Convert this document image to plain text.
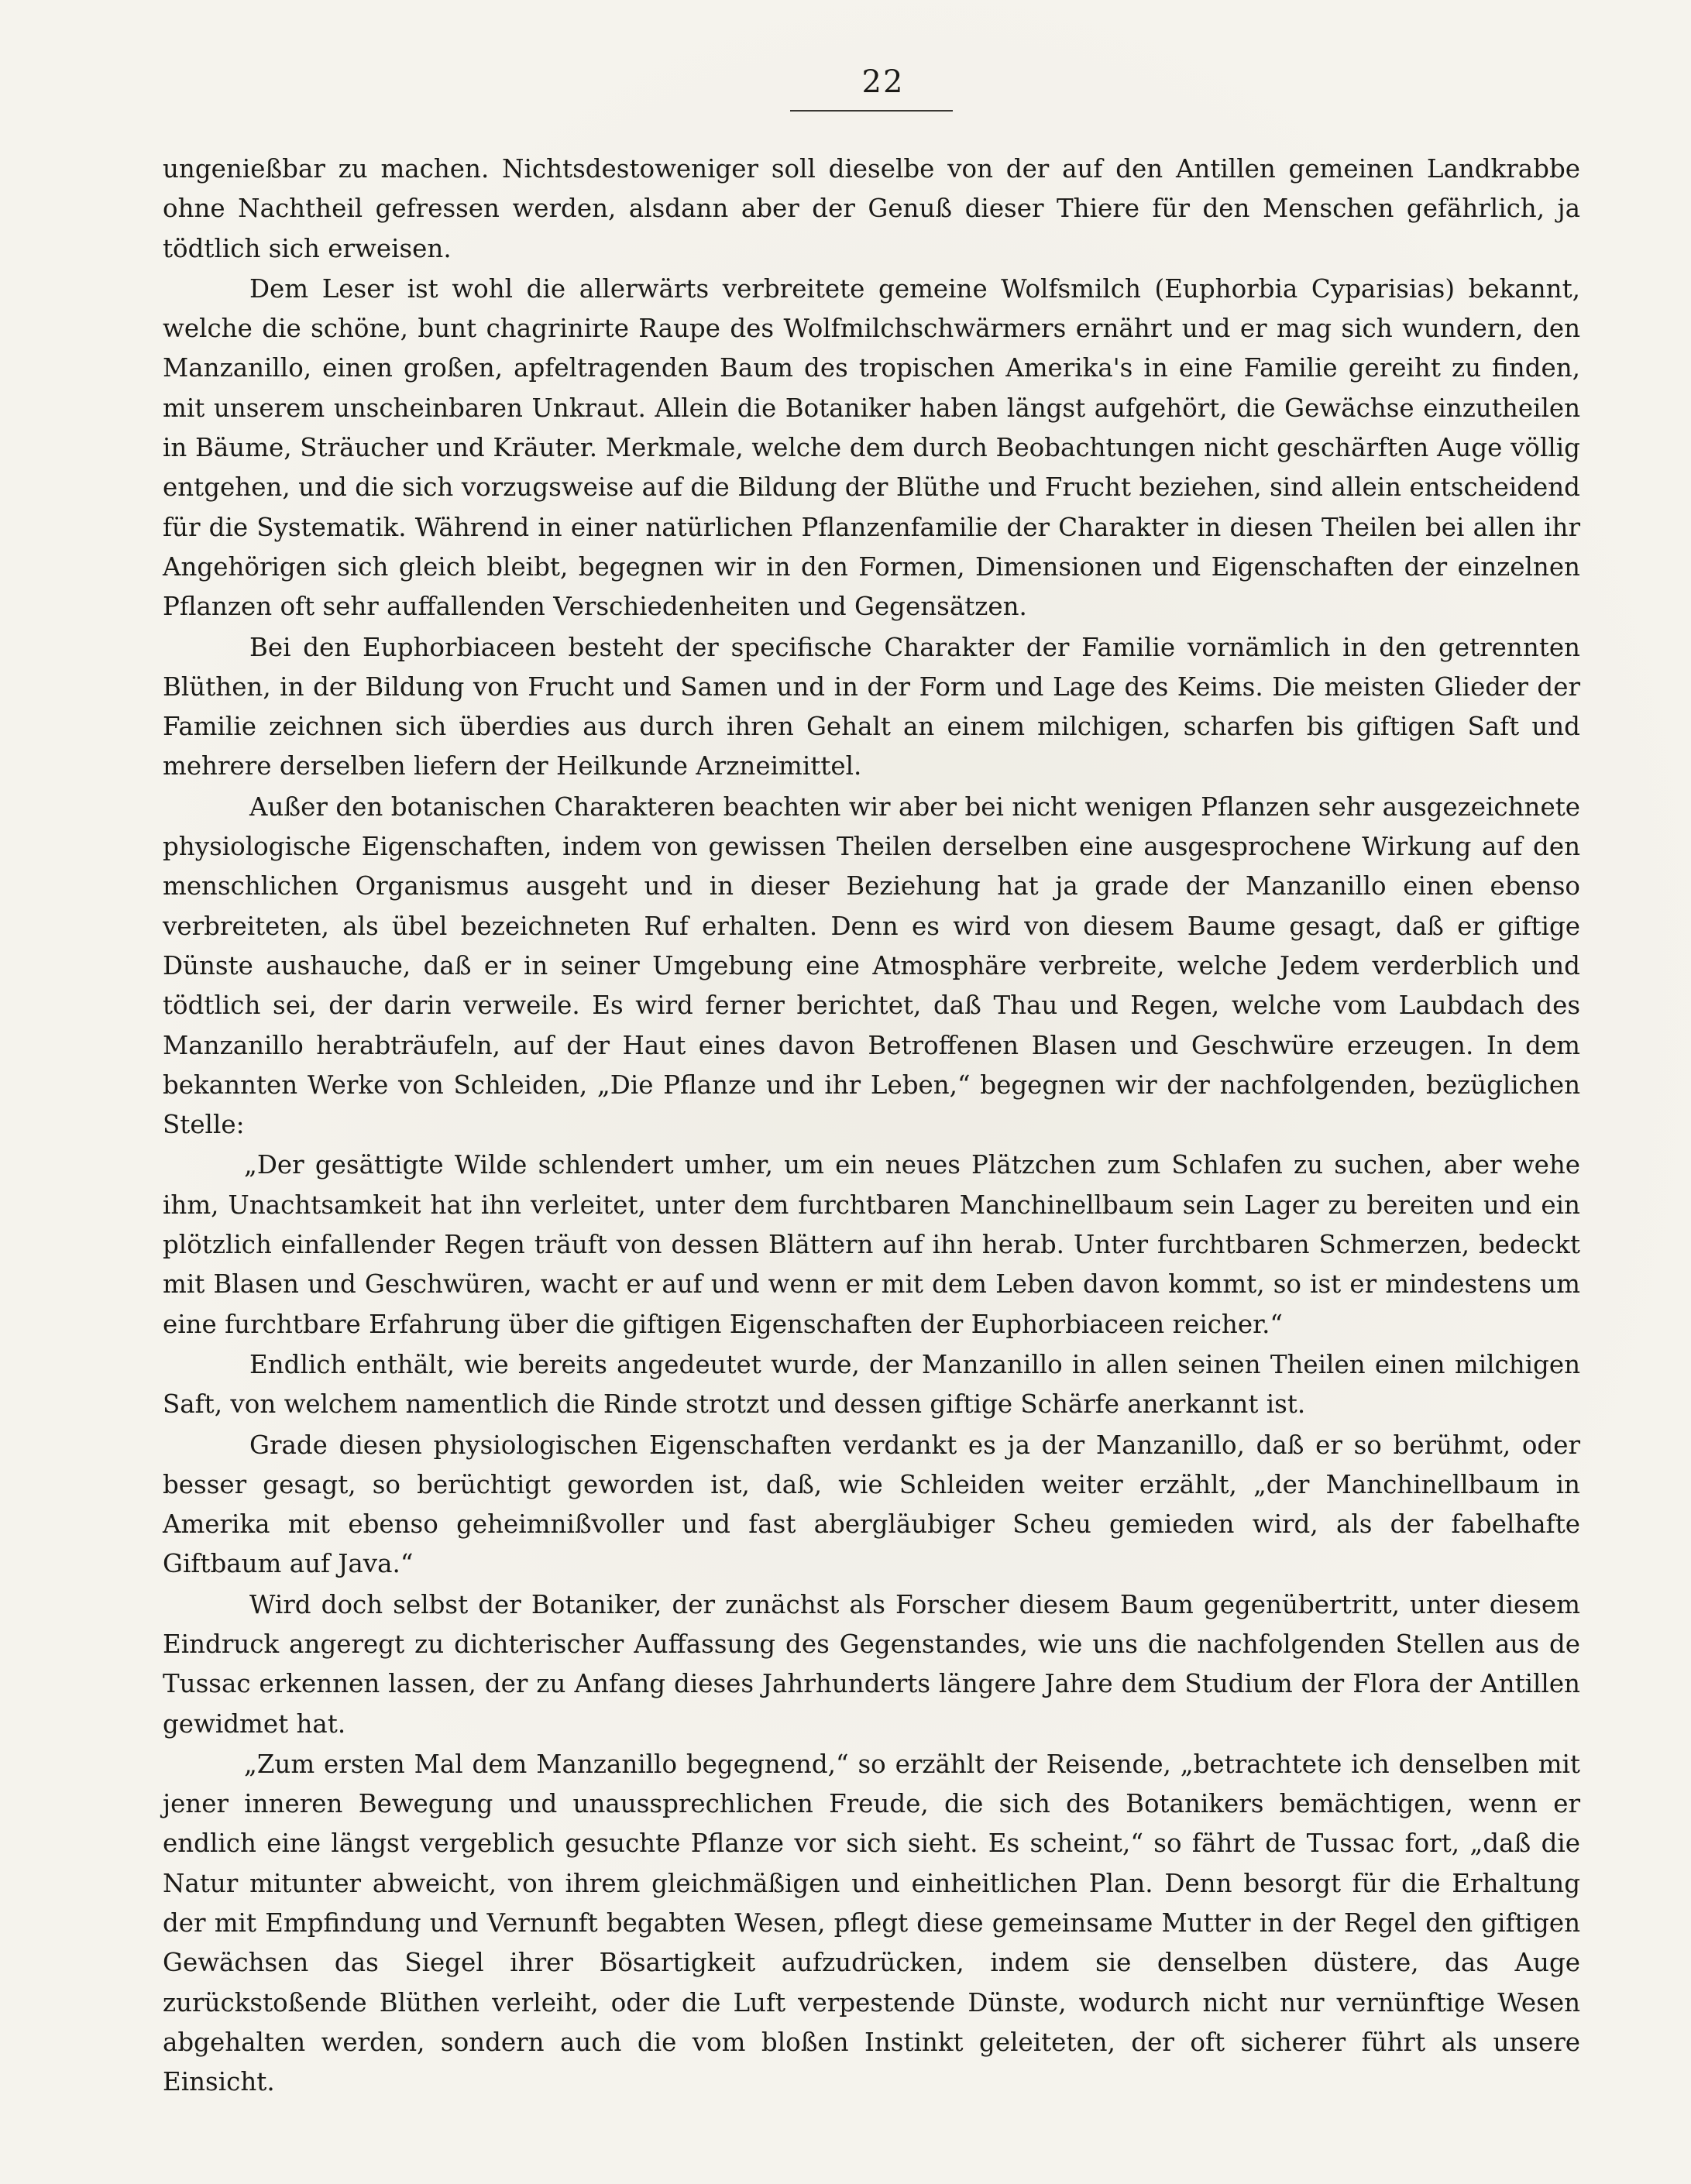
22

ungenießbar zu machen. Nichtsdestoweniger soll dieselbe von der auf den Antillen gemeinen Landkrabbe ohne Nachtheil gefressen werden, alsdann aber der Genuß dieser Thiere für den Menschen gefährlich, ja tödtlich sich erweisen.

Dem Leser ist wohl die allerwärts verbreitete gemeine Wolfsmilch (Euphorbia Cyparisias) bekannt, welche die schöne, bunt chagrinirte Raupe des Wolfmilchschwärmers ernährt und er mag sich wundern, den Manzanillo, einen großen, apfeltragenden Baum des tropischen Amerika's in eine Familie gereiht zu finden, mit unserem unscheinbaren Unkraut. Allein die Botaniker haben längst aufgehört, die Gewächse einzutheilen in Bäume, Sträucher und Kräuter. Merkmale, welche dem durch Beobachtungen nicht geschärften Auge völlig entgehen, und die sich vorzugsweise auf die Bildung der Blüthe und Frucht beziehen, sind allein entscheidend für die Systematik. Während in einer natürlichen Pflanzenfamilie der Charakter in diesen Theilen bei allen ihr Angehörigen sich gleich bleibt, begegnen wir in den Formen, Dimensionen und Eigenschaften der einzelnen Pflanzen oft sehr auffallenden Verschiedenheiten und Gegensätzen.

Bei den Euphorbiaceen besteht der specifische Charakter der Familie vornämlich in den getrennten Blüthen, in der Bildung von Frucht und Samen und in der Form und Lage des Keims. Die meisten Glieder der Familie zeichnen sich überdies aus durch ihren Gehalt an einem milchigen, scharfen bis giftigen Saft und mehrere derselben liefern der Heilkunde Arzneimittel.

Außer den botanischen Charakteren beachten wir aber bei nicht wenigen Pflanzen sehr ausgezeichnete physiologische Eigenschaften, indem von gewissen Theilen derselben eine ausgesprochene Wirkung auf den menschlichen Organismus ausgeht und in dieser Beziehung hat ja grade der Manzanillo einen ebenso verbreiteten, als übel bezeichneten Ruf erhalten. Denn es wird von diesem Baume gesagt, daß er giftige Dünste aushauche, daß er in seiner Umgebung eine Atmosphäre verbreite, welche Jedem verderblich und tödtlich sei, der darin verweile. Es wird ferner berichtet, daß Thau und Regen, welche vom Laubdach des Manzanillo herabträufeln, auf der Haut eines davon Betroffenen Blasen und Geschwüre erzeugen. In dem bekannten Werke von Schleiden, „Die Pflanze und ihr Leben,“ begegnen wir der nachfolgenden, bezüglichen Stelle:

„Der gesättigte Wilde schlendert umher, um ein neues Plätzchen zum Schlafen zu suchen, aber wehe ihm, Unachtsamkeit hat ihn verleitet, unter dem furchtbaren Manchinellbaum sein Lager zu bereiten und ein plötzlich einfallender Regen träuft von dessen Blättern auf ihn herab. Unter furchtbaren Schmerzen, bedeckt mit Blasen und Geschwüren, wacht er auf und wenn er mit dem Leben davon kommt, so ist er mindestens um eine furchtbare Erfahrung über die giftigen Eigenschaften der Euphorbiaceen reicher.“

Endlich enthält, wie bereits angedeutet wurde, der Manzanillo in allen seinen Theilen einen milchigen Saft, von welchem namentlich die Rinde strotzt und dessen giftige Schärfe anerkannt ist.

Grade diesen physiologischen Eigenschaften verdankt es ja der Manzanillo, daß er so berühmt, oder besser gesagt, so berüchtigt geworden ist, daß, wie Schleiden weiter erzählt, „der Manchinellbaum in Amerika mit ebenso geheimnißvoller und fast abergläubiger Scheu gemieden wird, als der fabelhafte Giftbaum auf Java.“

Wird doch selbst der Botaniker, der zunächst als Forscher diesem Baum gegenübertritt, unter diesem Eindruck angeregt zu dichterischer Auffassung des Gegenstandes, wie uns die nachfolgenden Stellen aus de Tussac erkennen lassen, der zu Anfang dieses Jahrhunderts längere Jahre dem Studium der Flora der Antillen gewidmet hat.

„Zum ersten Mal dem Manzanillo begegnend,“ so erzählt der Reisende, „betrachtete ich denselben mit jener inneren Bewegung und unaussprechlichen Freude, die sich des Botanikers bemächtigen, wenn er endlich eine längst vergeblich gesuchte Pflanze vor sich sieht. Es scheint,“ so fährt de Tussac fort, „daß die Natur mitunter abweicht, von ihrem gleichmäßigen und einheitlichen Plan. Denn besorgt für die Erhaltung der mit Empfindung und Vernunft begabten Wesen, pflegt diese gemeinsame Mutter in der Regel den giftigen Gewächsen das Siegel ihrer Bösartigkeit aufzudrücken, indem sie denselben düstere, das Auge zurückstoßende Blüthen verleiht, oder die Luft verpestende Dünste, wodurch nicht nur vernünftige Wesen abgehalten werden, sondern auch die vom bloßen Instinkt geleiteten, der oft sicherer führt als unsere Einsicht.
